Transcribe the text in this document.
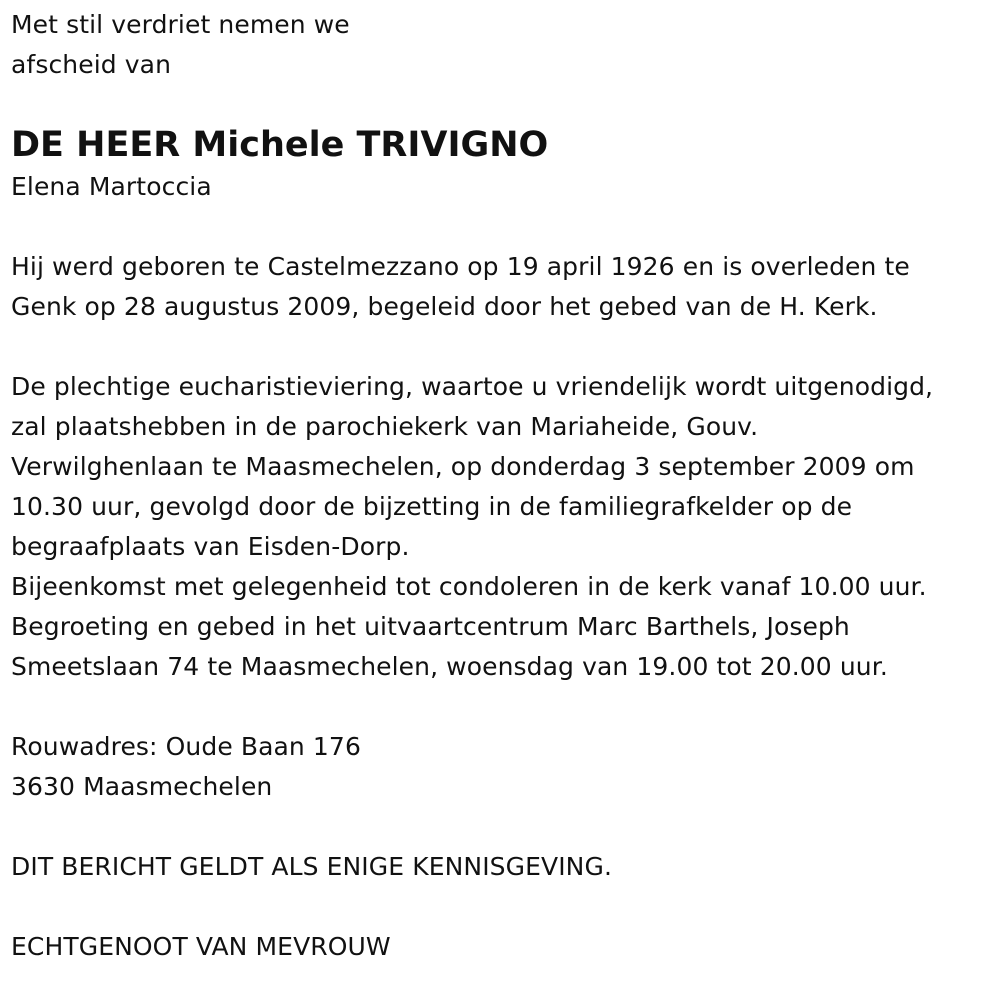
Met stil verdriet nemen we
afscheid van
DE HEER Michele TRIVIGNO
Elena Martoccia
Hij werd geboren te Castelmezzano op 19 april 1926 en is overleden te
Genk op 28 augustus 2009, begeleid door het gebed van de H. Kerk.
De plechtige eucharistieviering, waartoe u vriendelijk wordt uitgenodigd,
zal plaatshebben in de parochiekerk van Mariaheide, Gouv.
Verwilghenlaan te Maasmechelen, op donderdag 3 september 2009 om
10.30 uur, gevolgd door de bijzetting in de familiegrafkelder op de
begraafplaats van Eisden-Dorp.
Bijeenkomst met gelegenheid tot condoleren in de kerk vanaf 10.00 uur.
Begroeting en gebed in het uitvaartcentrum Marc Barthels, Joseph
Smeetslaan 74 te Maasmechelen, woensdag van 19.00 tot 20.00 uur.
Rouwadres: Oude Baan 176
3630 Maasmechelen
DIT BERICHT GELDT ALS ENIGE KENNISGEVING.
ECHTGENOOT VAN MEVROUW
